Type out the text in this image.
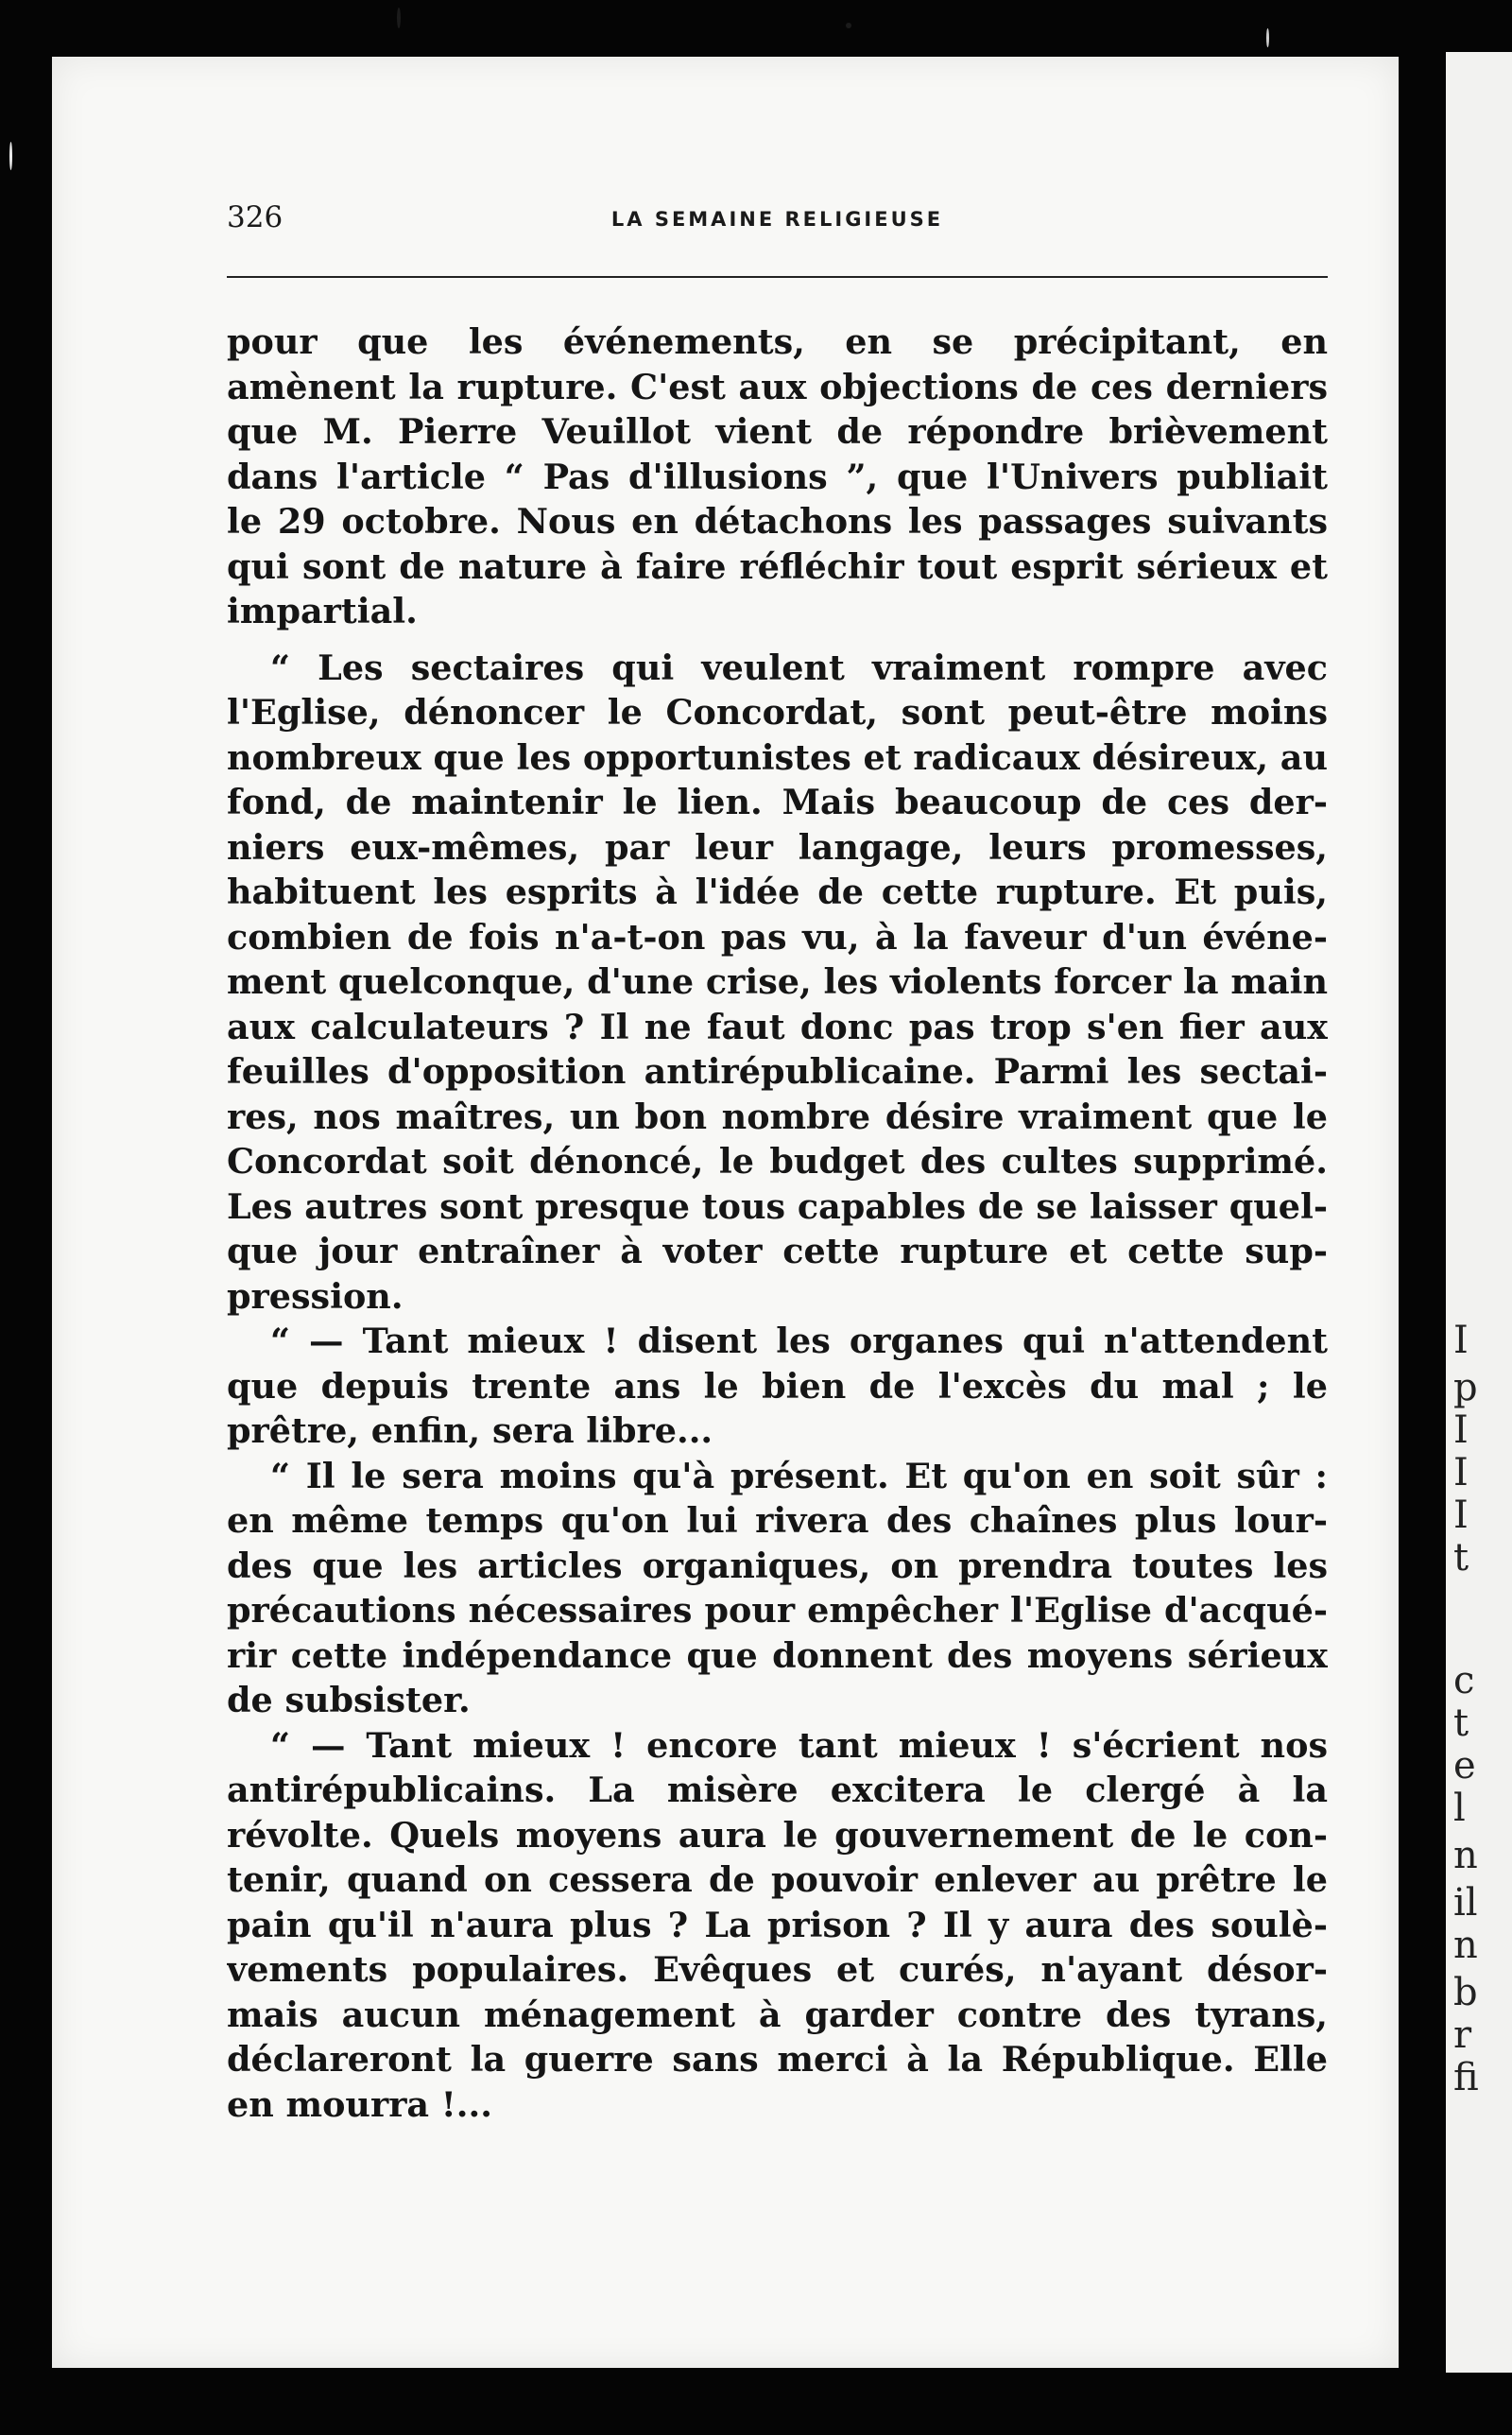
I
p
I
I
I
t
c
t
e
l
n
il
n
b
r
fi
326	LA SEMAINE RELIGIEUSE
pour que les événements, en se précipitant, en
amènent la rupture. C'est aux objections de ces derniers
que M. Pierre Veuillot vient de répondre brièvement
dans l'article “ Pas d'illusions ”, que l'Univers publiait
le 29 octobre. Nous en détachons les passages suivants
qui sont de nature à faire réfléchir tout esprit sérieux et
impartial.
“ Les sectaires qui veulent vraiment rompre avec
l'Eglise, dénoncer le Concordat, sont peut-être moins
nombreux que les opportunistes et radicaux désireux, au
fond, de maintenir le lien. Mais beaucoup de ces der-
niers eux-mêmes, par leur langage, leurs promesses,
habituent les esprits à l'idée de cette rupture. Et puis,
combien de fois n'a-t-on pas vu, à la faveur d'un événe-
ment quelconque, d'une crise, les violents forcer la main
aux calculateurs ? Il ne faut donc pas trop s'en fier aux
feuilles d'opposition antirépublicaine. Parmi les sectai-
res, nos maîtres, un bon nombre désire vraiment que le
Concordat soit dénoncé, le budget des cultes supprimé.
Les autres sont presque tous capables de se laisser quel-
que jour entraîner à voter cette rupture et cette sup-
pression.
“ — Tant mieux ! disent les organes qui n'attendent
que depuis trente ans le bien de l'excès du mal ; le
prêtre, enfin, sera libre...
“ Il le sera moins qu'à présent. Et qu'on en soit sûr :
en même temps qu'on lui rivera des chaînes plus lour-
des que les articles organiques, on prendra toutes les
précautions nécessaires pour empêcher l'Eglise d'acqué-
rir cette indépendance que donnent des moyens sérieux
de subsister.
“ — Tant mieux ! encore tant mieux ! s'écrient nos
antirépublicains. La misère excitera le clergé à la
révolte. Quels moyens aura le gouvernement de le con-
tenir, quand on cessera de pouvoir enlever au prêtre le
pain qu'il n'aura plus ? La prison ? Il y aura des soulè-
vements populaires. Evêques et curés, n'ayant désor-
mais aucun ménagement à garder contre des tyrans,
déclareront la guerre sans merci à la République. Elle
en mourra !...
